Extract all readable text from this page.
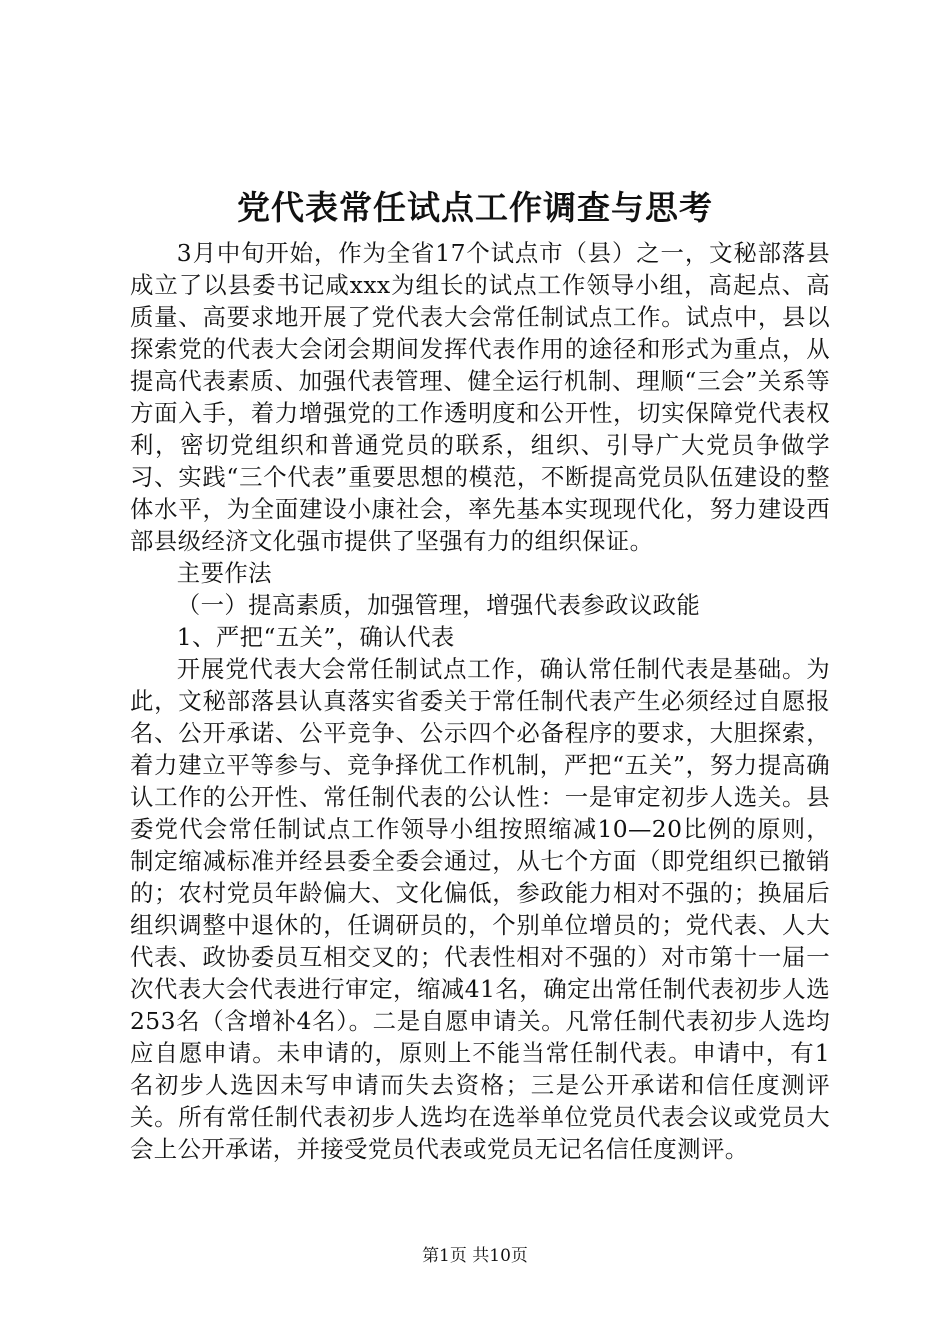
党代表常任试点工作调查与思考

3月中旬开始，作为全省17个试点市（县）之一，文秘部落县成立了以县委书记咸xxx为组长的试点工作领导小组，高起点、高质量、高要求地开展了党代表大会常任制试点工作。试点中，县以探索党的代表大会闭会期间发挥代表作用的途径和形式为重点，从提高代表素质、加强代表管理、健全运行机制、理顺“三会”关系等方面入手，着力增强党的工作透明度和公开性，切实保障党代表权利，密切党组织和普通党员的联系，组织、引导广大党员争做学习、实践“三个代表”重要思想的模范，不断提高党员队伍建设的整体水平，为全面建设小康社会，率先基本实现现代化，努力建设西部县级经济文化强市提供了坚强有力的组织保证。

主要作法

（一）提高素质，加强管理，增强代表参政议政能

1、严把“五关”，确认代表

开展党代表大会常任制试点工作，确认常任制代表是基础。为此，文秘部落县认真落实省委关于常任制代表产生必须经过自愿报名、公开承诺、公平竞争、公示四个必备程序的要求，大胆探索，着力建立平等参与、竞争择优工作机制，严把“五关”，努力提高确认工作的公开性、常任制代表的公认性：一是审定初步人选关。县委党代会常任制试点工作领导小组按照缩减10—20比例的原则，制定缩减标准并经县委全委会通过，从七个方面（即党组织已撤销的；农村党员年龄偏大、文化偏低，参政能力相对不强的；换届后组织调整中退休的，任调研员的，个别单位增员的；党代表、人大代表、政协委员互相交叉的；代表性相对不强的）对市第十一届一次代表大会代表进行审定，缩减41名，确定出常任制代表初步人选253名（含增补4名）。二是自愿申请关。凡常任制代表初步人选均应自愿申请。未申请的，原则上不能当常任制代表。申请中，有1名初步人选因未写申请而失去资格；三是公开承诺和信任度测评关。所有常任制代表初步人选均在选举单位党员代表会议或党员大会上公开承诺，并接受党员代表或党员无记名信任度测评。

第1页 共10页
